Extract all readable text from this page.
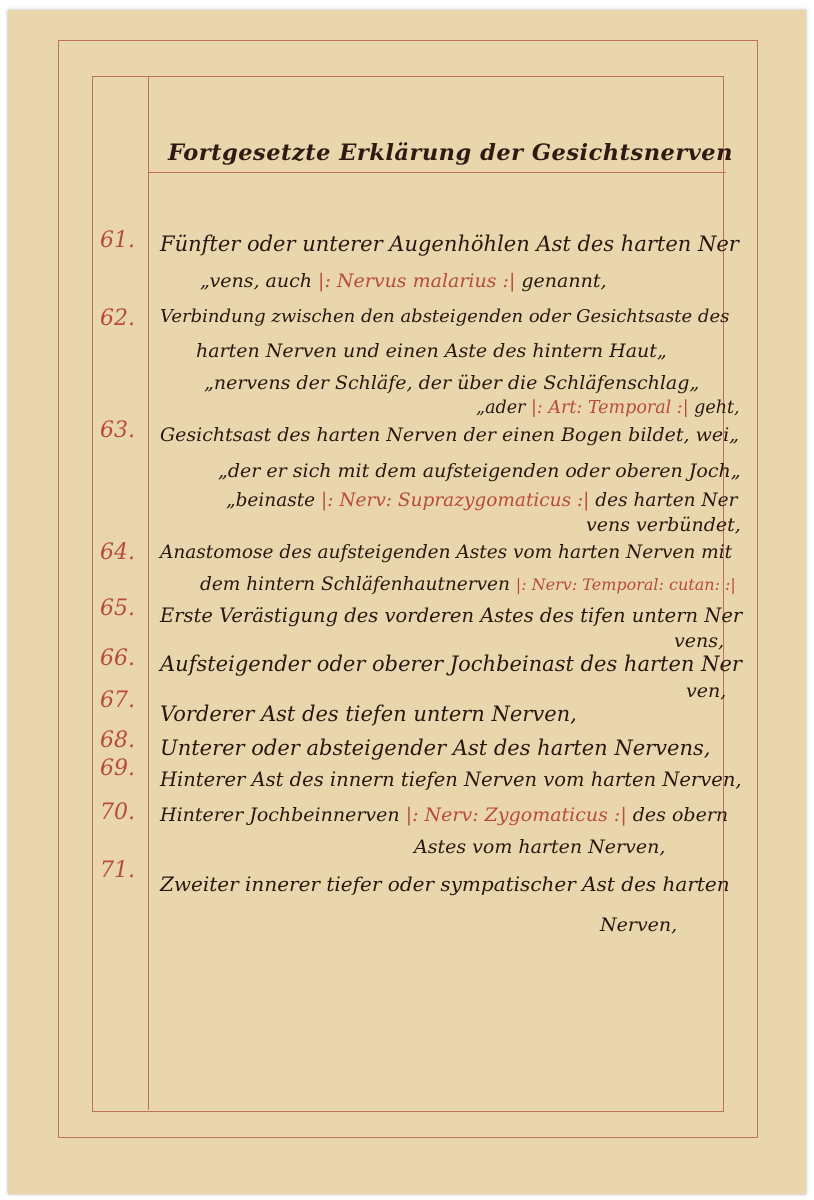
Fortgesetzte Erklärung der Gesichtsnerven
61. Fünfter oder unterer Augenhöhlen Ast des harten Ner
„vens, auch |: Nervus malarius :| genannt,
62. Verbindung zwischen den absteigenden oder Gesichtsaste des
harten Nerven und einen Aste des hintern Haut„
„nervens der Schläfe, der über die Schläfenschlag„
„ader |: Art: Temporal :| geht,
63. Gesichtsast des harten Nerven der einen Bogen bildet, wei„
„der er sich mit dem aufsteigenden oder oberen Joch„
„beinaste |: Nerv: Suprazygomaticus :| des harten Ner
vens verbündet,
64. Anastomose des aufsteigenden Astes vom harten Nerven mit
dem hintern Schläfenhautnerven |: Nerv: Temporal: cutan: :|
65. Erste Verästigung des vorderen Astes des tifen untern Ner
vens,
66. Aufsteigender oder oberer Jochbeinast des harten Ner
ven,
67.
Vorderer Ast des tiefen untern Nerven,
68. Unterer oder absteigender Ast des harten Nervens,
69. Hinterer Ast des innern tiefen Nerven vom harten Nerven,
70. Hinterer Jochbeinnerven |: Nerv: Zygomaticus :| des obern
Astes vom harten Nerven,
71.
Zweiter innerer tiefer oder sympatischer Ast des harten
Nerven,
